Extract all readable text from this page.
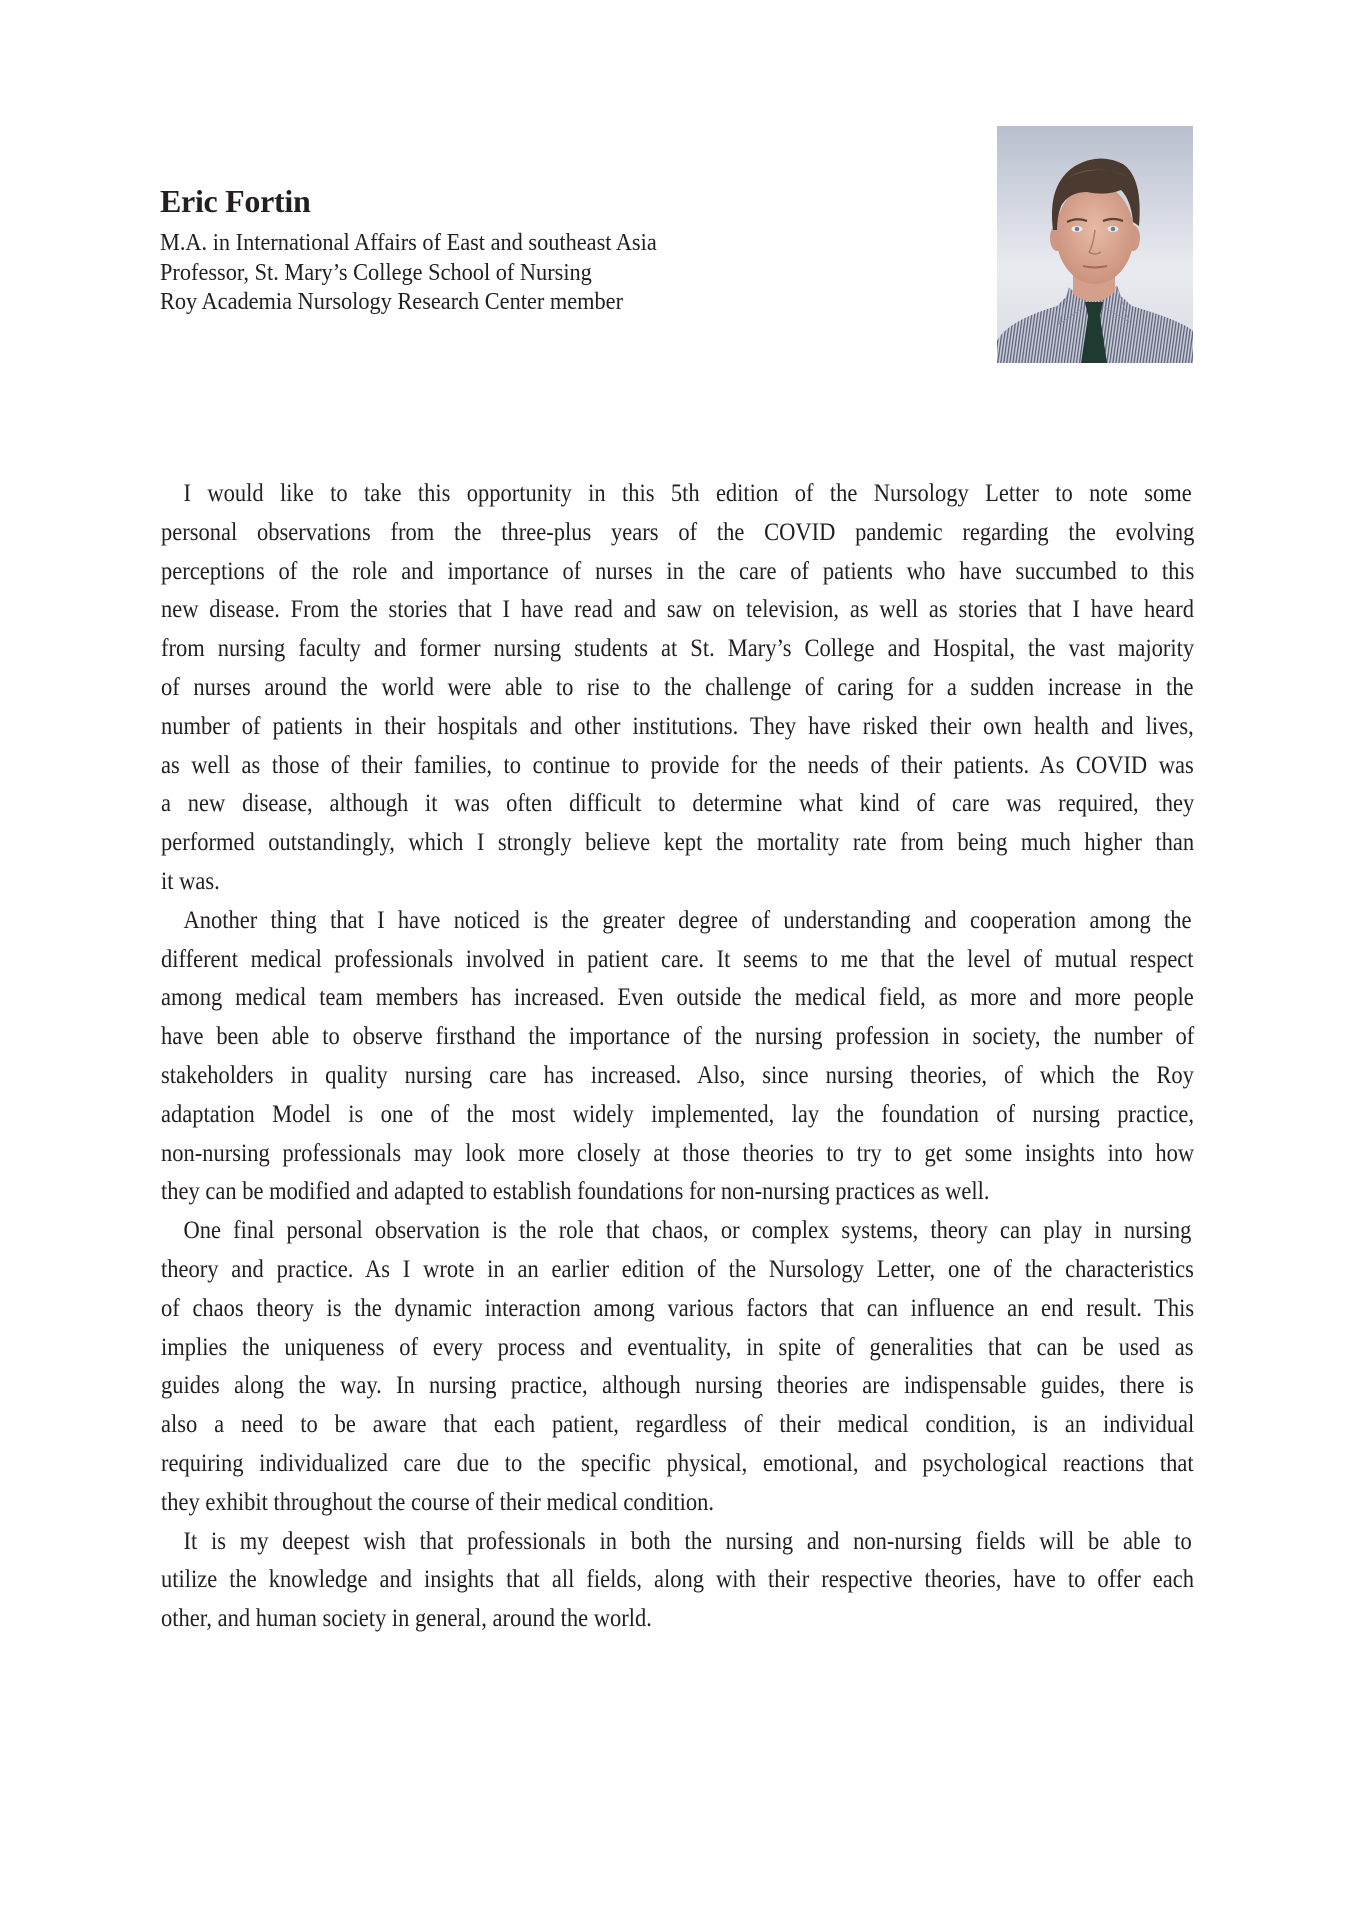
Eric Fortin
M.A. in International Affairs of East and southeast Asia
Professor, St. Mary’s College School of Nursing
Roy Academia Nursology Research Center member
I would like to take this opportunity in this 5th edition of the Nursology Letter to note some
personal observations from the three-plus years of the COVID pandemic regarding the evolving
perceptions of the role and importance of nurses in the care of patients who have succumbed to this
new disease. From the stories that I have read and saw on television, as well as stories that I have heard
from nursing faculty and former nursing students at St. Mary’s College and Hospital, the vast majority
of nurses around the world were able to rise to the challenge of caring for a sudden increase in the
number of patients in their hospitals and other institutions. They have risked their own health and lives,
as well as those of their families, to continue to provide for the needs of their patients. As COVID was
a new disease, although it was often difficult to determine what kind of care was required, they
performed outstandingly, which I strongly believe kept the mortality rate from being much higher than
it was.
Another thing that I have noticed is the greater degree of understanding and cooperation among the
different medical professionals involved in patient care. It seems to me that the level of mutual respect
among medical team members has increased. Even outside the medical field, as more and more people
have been able to observe firsthand the importance of the nursing profession in society, the number of
stakeholders in quality nursing care has increased. Also, since nursing theories, of which the Roy
adaptation Model is one of the most widely implemented, lay the foundation of nursing practice,
non-nursing professionals may look more closely at those theories to try to get some insights into how
they can be modified and adapted to establish foundations for non-nursing practices as well.
One final personal observation is the role that chaos, or complex systems, theory can play in nursing
theory and practice. As I wrote in an earlier edition of the Nursology Letter, one of the characteristics
of chaos theory is the dynamic interaction among various factors that can influence an end result. This
implies the uniqueness of every process and eventuality, in spite of generalities that can be used as
guides along the way. In nursing practice, although nursing theories are indispensable guides, there is
also a need to be aware that each patient, regardless of their medical condition, is an individual
requiring individualized care due to the specific physical, emotional, and psychological reactions that
they exhibit throughout the course of their medical condition.
It is my deepest wish that professionals in both the nursing and non-nursing fields will be able to
utilize the knowledge and insights that all fields, along with their respective theories, have to offer each
other, and human society in general, around the world.
